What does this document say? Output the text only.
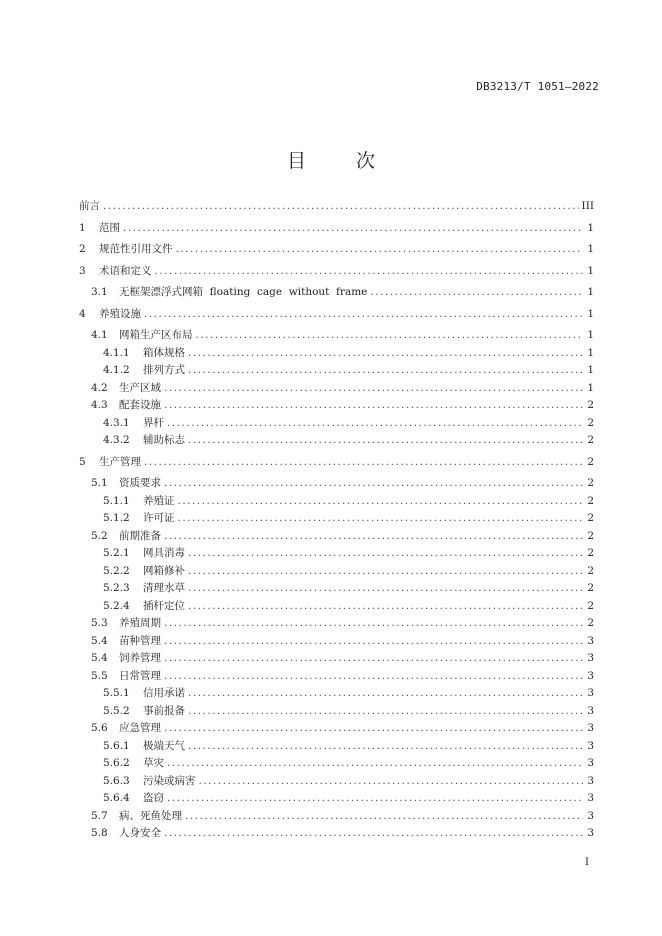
DB3213/T 1051—2022
目	次
前言 .....	III
1	范围 .....	1
2	规范性引用文件 .....	1
3	术语和定义 .....	1
3.1	无框架漂浮式网箱  floating  cage  without  frame .....	1
4	养殖设施 .....	1
4.1	网箱生产区布局 .....	1
4.1.1	箱体规格 .....	1
4.1.2	排列方式 .....	1
4.2	生产区域 .....	1
4.3	配套设施 .....	2
4.3.1	界杆 .....	2
4.3.2	辅助标志 .....	2
5	生产管理 .....	2
5.1	资质要求 .....	2
5.1.1	养殖证 .....	2
5.1.2	许可证 .....	2
5.2	前期准备 .....	2
5.2.1	网具消毒 .....	2
5.2.2	网箱修补 .....	2
5.2.3	清理水草 .....	2
5.2.4	插杆定位 .....	2
5.3	养殖周期 .....	2
5.4	苗种管理 .....	3
5.4	饲养管理 .....	3
5.5	日常管理 .....	3
5.5.1	信用承诺 .....	3
5.5.2	事前报备 .....	3
5.6	应急管理 .....	3
5.6.1	极端天气 .....	3
5.6.2	草灾 .....	3
5.6.3	污染或病害 .....	3
5.6.4	盗窃 .....	3
5.7	病、死鱼处理 .....	3
5.8	人身安全 .....	3
I
